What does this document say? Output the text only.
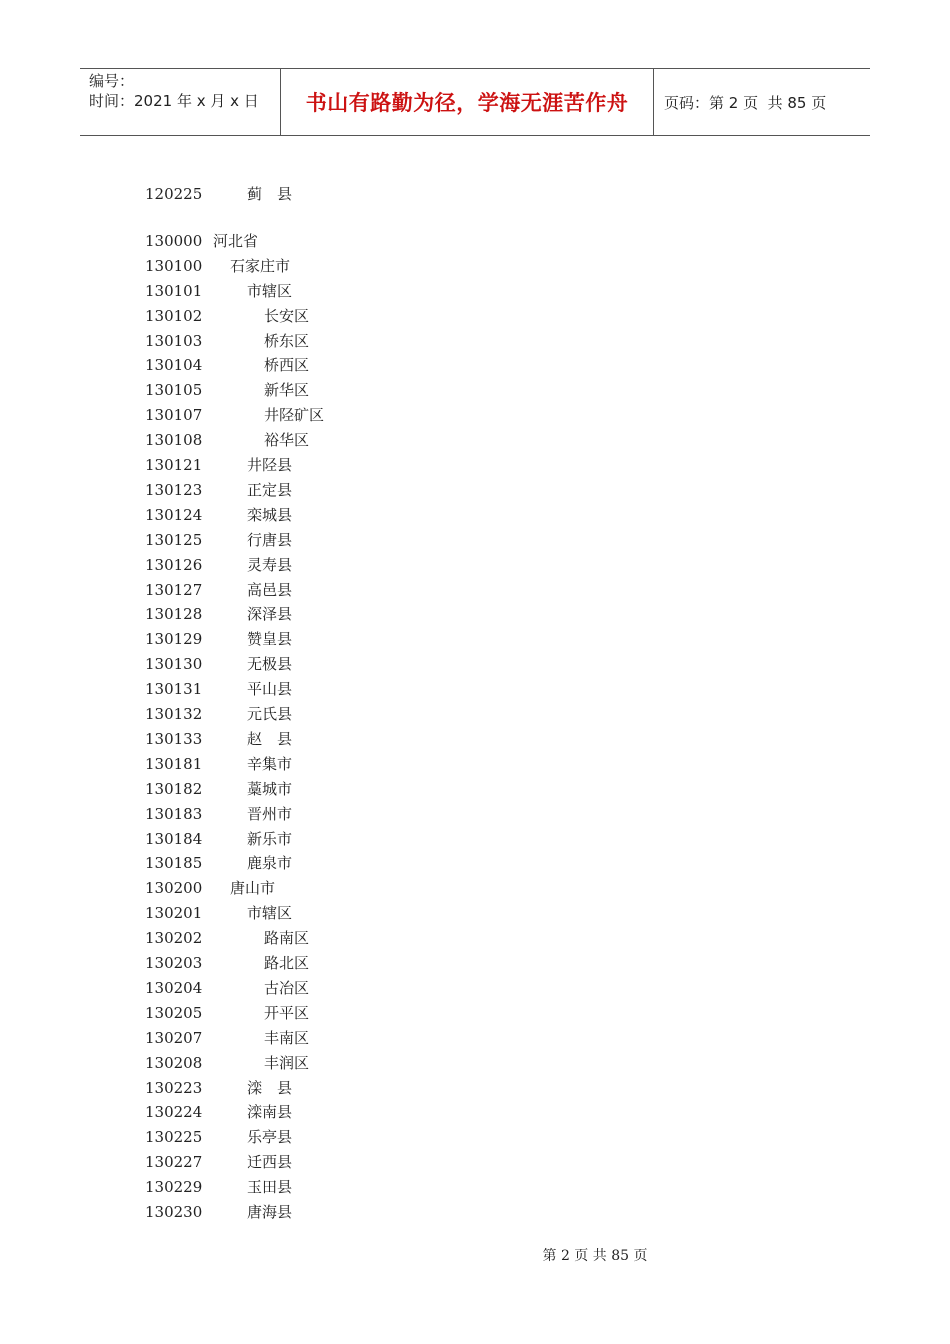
编号：
时间：2021 年 x 月 x 日	书山有路勤为径，学海无涯苦作舟	页码：第 2 页  共 85 页
120225	蓟　县
130000 河北省
130100 石家庄市
130101	市辖区
130102	长安区
130103	桥东区
130104	桥西区
130105	新华区
130107	井陉矿区
130108	裕华区
130121	井陉县
130123	正定县
130124	栾城县
130125	行唐县
130126	灵寿县
130127	高邑县
130128	深泽县
130129	赞皇县
130130	无极县
130131	平山县
130132	元氏县
130133	赵　县
130181	辛集市
130182	藁城市
130183	晋州市
130184	新乐市
130185	鹿泉市
130200 唐山市
130201	市辖区
130202	路南区
130203	路北区
130204	古冶区
130205	开平区
130207	丰南区
130208	丰润区
130223	滦　县
130224	滦南县
130225	乐亭县
130227	迁西县
130229	玉田县
130230	唐海县
第 2 页 共 85 页
